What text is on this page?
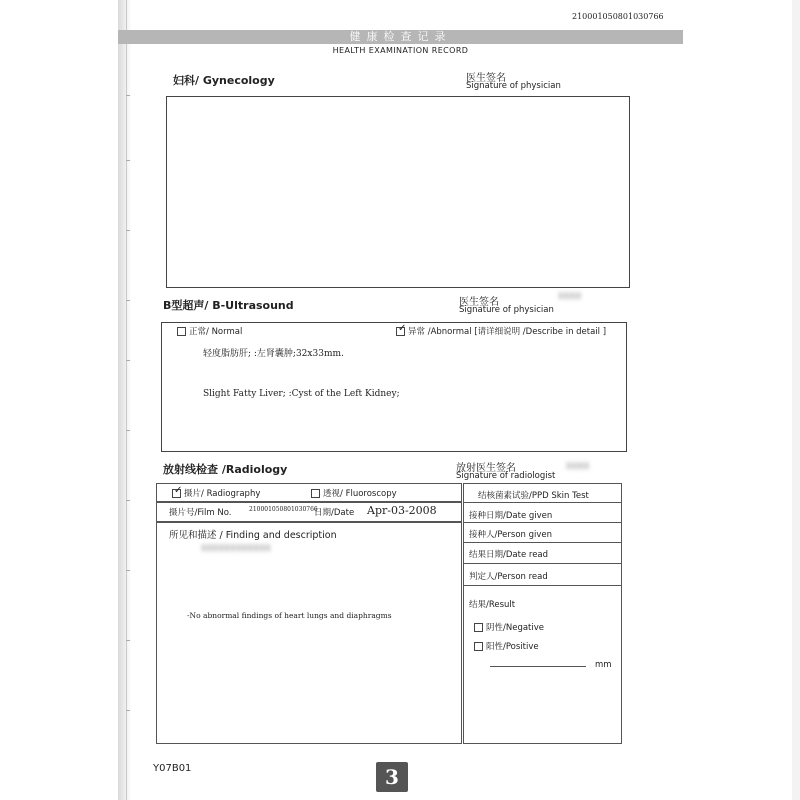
210001050801030766
健康检查记录
HEALTH EXAMINATION RECORD
妇科/ Gynecology	医生签名
Signature of physician
B型超声/ B-Ultrasound	医生签名
Signature of physician
XXXX
正常/ Normal	✓ 异常 /Abnormal [请详细说明 /Describe in detail ]
轻度脂肪肝; :左肾囊肿;32x33mm.
Slight Fatty Liver; :Cyst of the Left Kidney;
放射线检查 /Radiology	放射医生签名
Signature of radiologist
XXXX
✓ 摄片/ Radiography	透视/ Fluoroscopy
摄片号/Film No.	210001050801030766
日期/Date Apr-03-2008
所见和描述 / Finding and description
XXXXXXXXXXXX
-No abnormal findings of heart lungs and diaphragms
结核菌素试验/PPD Skin Test
接种日期/Date given
接种人/Person given
结果日期/Date read
判定人/Person read
结果/Result
阴性/Negative
阳性/Positive
mm
Y07B01	3
